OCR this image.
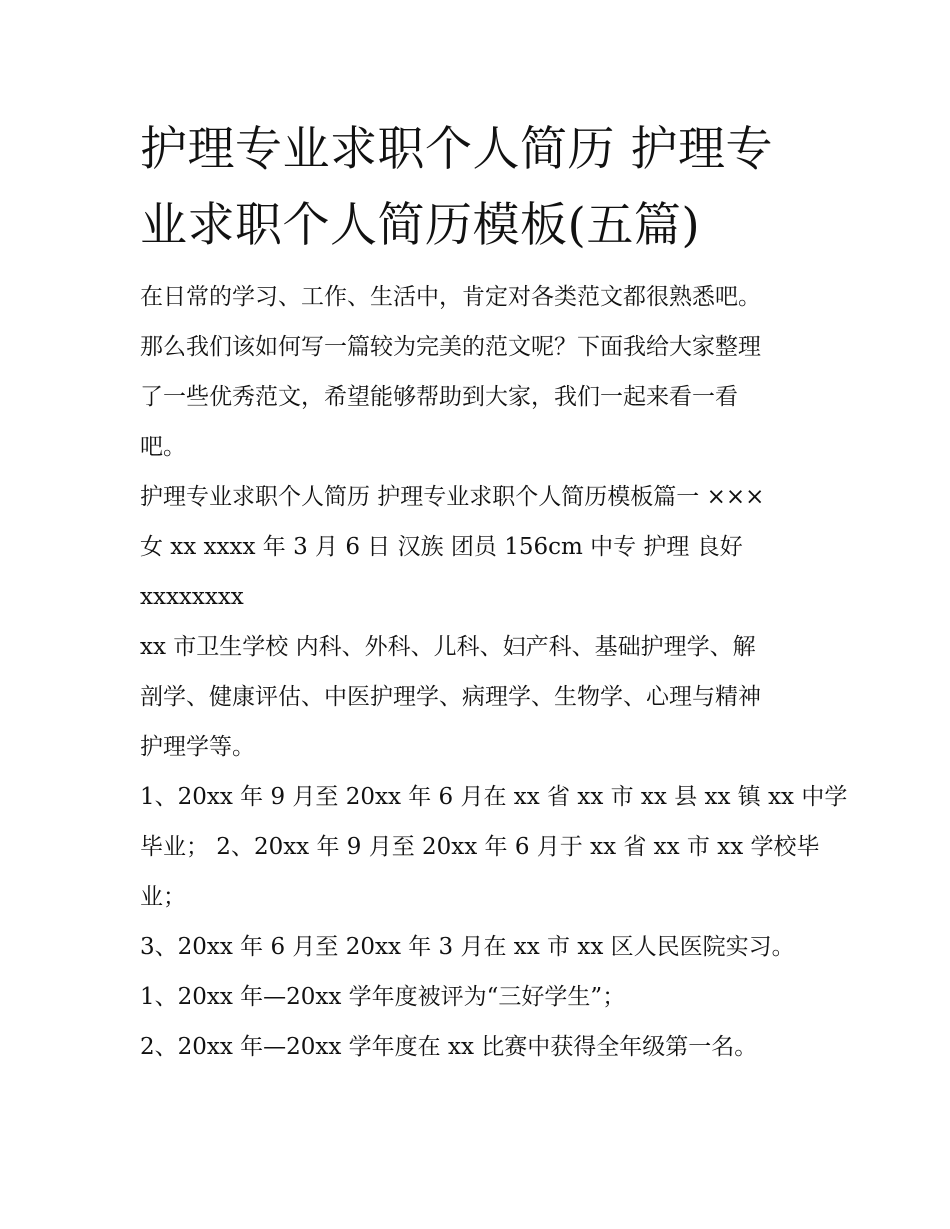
护理专业求职个人简历 护理专
业求职个人简历模板(五篇)
在日常的学习、工作、生活中，肯定对各类范文都很熟悉吧。
那么我们该如何写一篇较为完美的范文呢？下面我给大家整理
了一些优秀范文，希望能够帮助到大家，我们一起来看一看
吧。
护理专业求职个人简历 护理专业求职个人简历模板篇一 ×××
女 xx xxxx 年 3 月 6 日 汉族 团员 156cm 中专 护理 良好
xxxxxxxx
xx 市卫生学校 内科、外科、儿科、妇产科、基础护理学、解
剖学、健康评估、中医护理学、病理学、生物学、心理与精神
护理学等。
1、20xx 年 9 月至 20xx 年 6 月在 xx 省 xx 市 xx 县 xx 镇 xx 中学
毕业； 2、20xx 年 9 月至 20xx 年 6 月于 xx 省 xx 市 xx 学校毕
业；
3、20xx 年 6 月至 20xx 年 3 月在 xx 市 xx 区人民医院实习。
1、20xx 年—20xx 学年度被评为“三好学生”；
2、20xx 年—20xx 学年度在 xx 比赛中获得全年级第一名。
